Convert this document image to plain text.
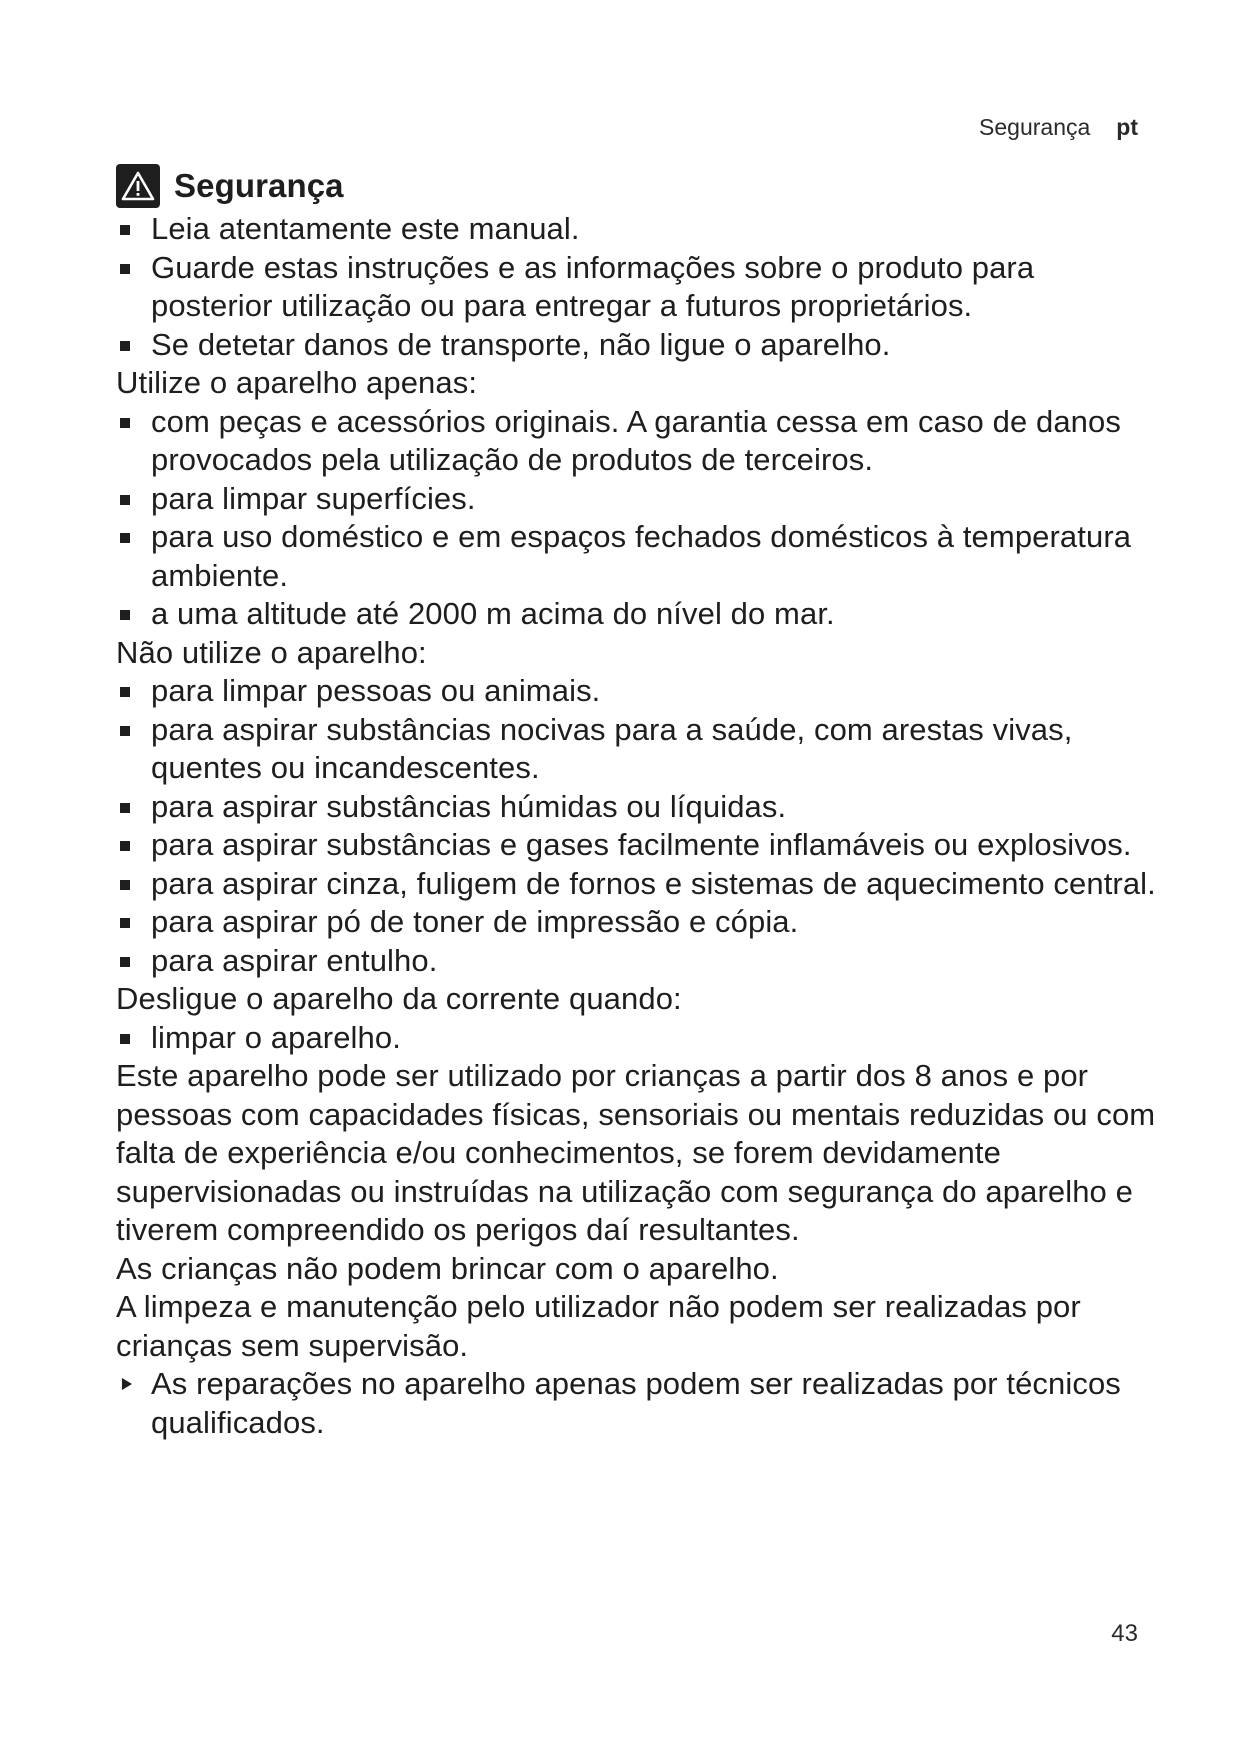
Segurança pt
Segurança
Leia atentamente este manual.
Guarde estas instruções e as informações sobre o produto para posterior utilização ou para entregar a futuros proprietários.
Se detetar danos de transporte, não ligue o aparelho.

Utilize o aparelho apenas:

com peças e acessórios originais. A garantia cessa em caso de danos provocados pela utilização de produtos de terceiros.
para limpar superfícies.
para uso doméstico e em espaços fechados domésticos à temperatura ambiente.
a uma altitude até 2000 m acima do nível do mar.

Não utilize o aparelho:

para limpar pessoas ou animais.
para aspirar substâncias nocivas para a saúde, com arestas vivas, quentes ou incandescentes.
para aspirar substâncias húmidas ou líquidas.
para aspirar substâncias e gases facilmente inflamáveis ou explosivos.
para aspirar cinza, fuligem de fornos e sistemas de aquecimento central.
para aspirar pó de toner de impressão e cópia.
para aspirar entulho.

Desligue o aparelho da corrente quando:

limpar o aparelho.

Este aparelho pode ser utilizado por crianças a partir dos 8 anos e por pessoas com capacidades físicas, sensoriais ou mentais reduzidas ou com falta de experiência e/ou conhecimentos, se forem devidamente supervisionadas ou instruídas na utilização com segurança do aparelho e tiverem compreendido os perigos daí resultantes.

As crianças não podem brincar com o aparelho.

A limpeza e manutenção pelo utilizador não podem ser realizadas por crianças sem supervisão.

As reparações no aparelho apenas podem ser realizadas por técnicos qualificados.
43
